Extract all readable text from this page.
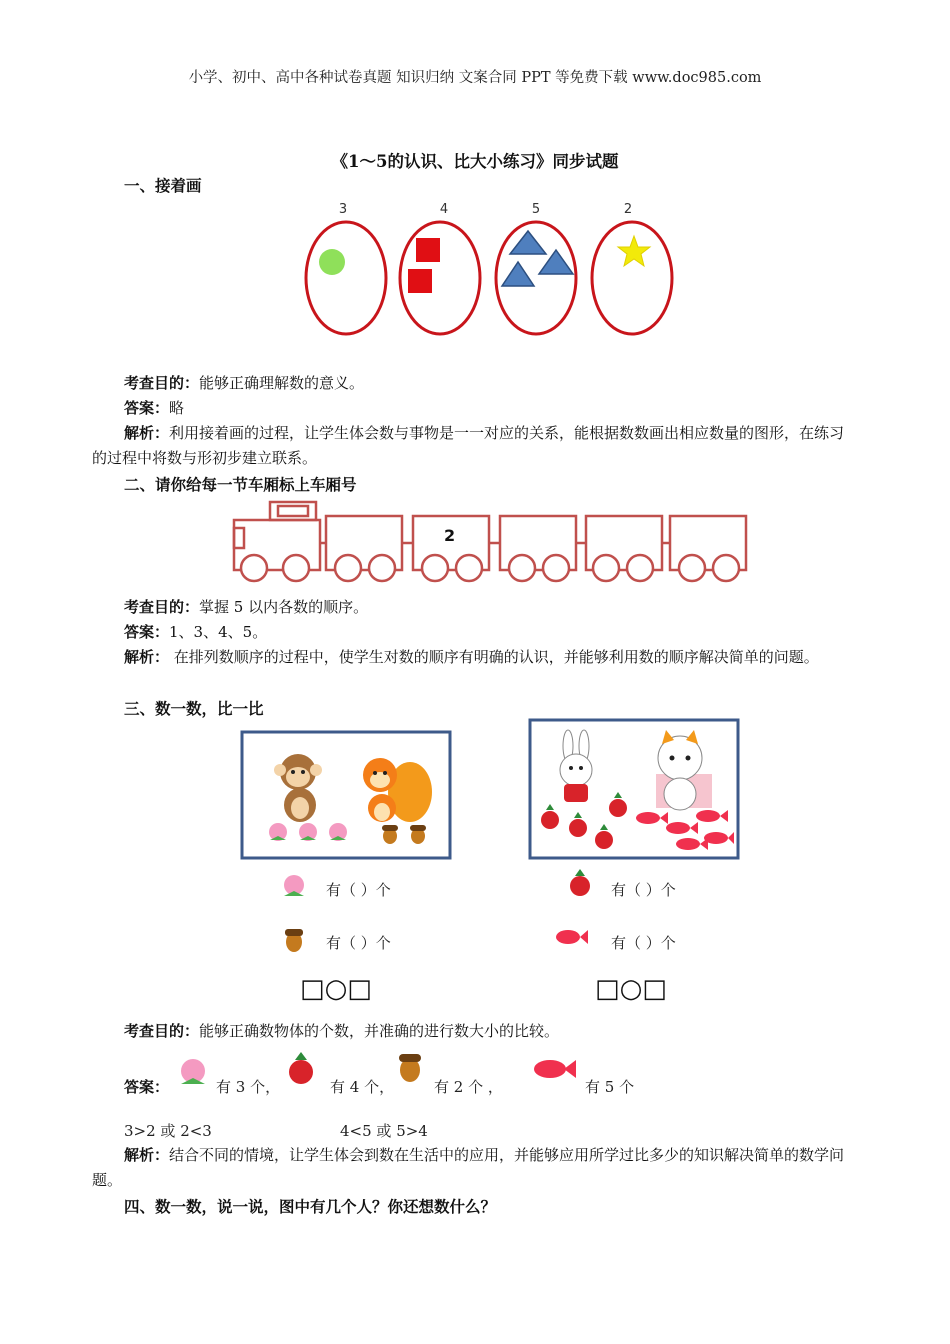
小学、初中、高中各种试卷真题 知识归纳 文案合同 PPT 等免费下载 www.doc985.com
《1～5的认识、比大小练习》同步试题
一、接着画
3	4	5	2
考查目的：能够正确理解数的意义。
答案：略
解析：利用接着画的过程，让学生体会数与事物是一一对应的关系，能根据数数画出相应数量的图形，在练习的过程中将数与形初步建立联系。
二、请你给每一节车厢标上车厢号
2
考查目的：掌握 5 以内各数的顺序。
答案：1、3、4、5。
解析： 在排列数顺序的过程中，使学生对数的顺序有明确的认识，并能够利用数的顺序解决简单的问题。
三、数一数，比一比
有（ ）个
有（ ）个
□○□
有（ ）个
有（ ）个
□○□
考查目的：能够正确数物体的个数，并准确的进行数大小的比较。
答案：	有 3 个，	有 4 个，	有 2 个 ，	有 5 个
3>2 或 2<3	4<5 或 5>4
解析：结合不同的情境，让学生体会到数在生活中的应用，并能够应用所学过比多少的知识解决简单的数学问题。
四、数一数，说一说，图中有几个人？你还想数什么？
